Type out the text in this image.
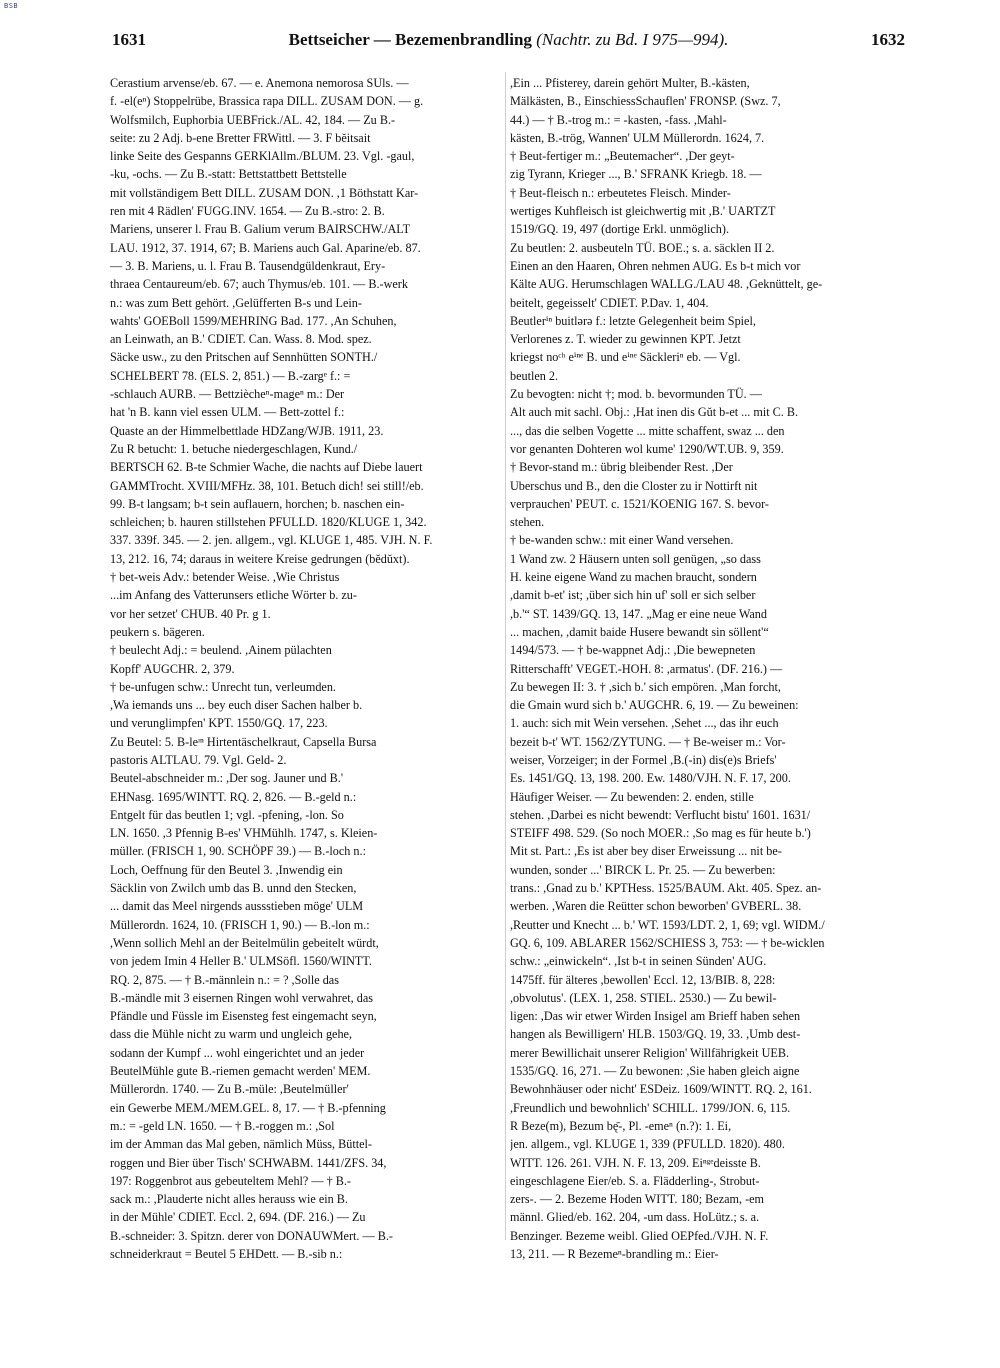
BSB
1631	Bettseicher — Bezemenbrandling (Nachtr. zu Bd. I 975—994).	1632
Cerastium arvense/eb. 67. — e. Anemona nemorosa SUls. —
f. -el(eⁿ) Stoppelrübe, Brassica rapa DILL. ZUSAM DON. — g.
Wolfsmilch, Euphorbia UEBFrick./AL. 42, 184. — Zu B.-
seite: zu 2 Adj. b-ene Bretter FRWittl. — 3. F bĕitsait
linke Seite des Gespanns GERKlAllm./BLUM. 23. Vgl. -gaul,
-ku, -ochs. — Zu B.-statt: Bettstattbett Bettstelle
mit vollständigem Bett DILL. ZUSAM DON. ,1 Böthstatt Kar-
ren mit 4 Rädlen' FUGG.INV. 1654. — Zu B.-stro: 2. B.
Mariens, unserer l. Frau B. Galium verum BAIRSCHW./ALT
LAU. 1912, 37. 1914, 67; B. Mariens auch Gal. Aparine/eb. 87.
— 3. B. Mariens, u. l. Frau B. Tausendgüldenkraut, Ery-
thraea Centaureum/eb. 67; auch Thymus/eb. 101. — B.-werk
n.: was zum Bett gehört. ,Gelüfferten B-s und Lein-
wahts' GOEBoll 1599/MEHRING Bad. 177. ,An Schuhen,
an Leinwath, an B.' CDIET. Can. Wass. 8. Mod. spez.
Säcke usw., zu den Pritschen auf Sennhütten SONTH./
SCHELBERT 78. (ELS. 2, 851.) — B.-zargᵉ f.: =
-schlauch AURB. — Bettziècheⁿ-mageⁿ m.: Der
hat 'n B. kann viel essen ULM. — Bett-zottel f.:
Quaste an der Himmelbettlade HDZang/WJB. 1911, 23.
Zu R betucht: 1. betuche niedergeschlagen, Kund./
BERTSCH 62. B-te Schmier Wache, die nachts auf Diebe lauert
GAMMTrocht. XVIII/MFHz. 38, 101. Betuch dich! sei still!/eb.
99. B-t langsam; b-t sein auflauern, horchen; b. naschen ein-
schleichen; b. hauren stillstehen PFULLD. 1820/KLUGE 1, 342.
337. 339f. 345. — 2. jen. allgem., vgl. KLUGE 1, 485. VJH. N. F.
13, 212. 16, 74; daraus in weitere Kreise gedrungen (bĕdŭxt).
† bet-weis Adv.: betender Weise. ,Wie Christus
...im Anfang des Vatterunsers etliche Wörter b. zu-
vor her setzet' CHUB. 40 Pr. g 1.
peukern s. bägeren.
† beulecht Adj.: = beulend. ,Ainem pülachten
Kopff' AUGCHR. 2, 379.
† be-unfugen schw.: Unrecht tun, verleumden.
,Wa iemands uns ... bey euch diser Sachen halber b.
und verunglimpfen' KPT. 1550/GQ. 17, 223.
Zu Beutel: 5. B-leᶦⁿ Hirtentäschelkraut, Capsella Bursa
pastoris ALTLAU. 79. Vgl. Geld- 2.
Beutel-abschneider m.: ,Der sog. Jauner und B.'
EHNasg. 1695/WINTT. RQ. 2, 826. — B.-geld n.:
Entgelt für das beutlen 1; vgl. -pfening, -lon. So
LN. 1650. ,3 Pfennig B-es' VHMühlh. 1747, s. Kleien-
müller. (FRISCH 1, 90. SCHÖPF 39.) — B.-loch n.:
Loch, Oeffnung für den Beutel 3. ,Inwendig ein
Säcklin von Zwilch umb das B. unnd den Stecken,
... damit das Meel nirgends aussstieben möge' ULM
Müllerordn. 1624, 10. (FRISCH 1, 90.) — B.-lon m.:
,Wenn sollich Mehl an der Beitelmülin gebeitelt würdt,
von jedem Imin 4 Heller B.' ULMSöfl. 1560/WINTT.
RQ. 2, 875. — † B.-männlein n.: = ? ,Solle das
B.-mändle mit 3 eisernen Ringen wohl verwahret, das
Pfändle und Füssle im Eisensteg fest eingemacht seyn,
dass die Mühle nicht zu warm und ungleich gehe,
sodann der Kumpf ... wohl eingerichtet und an jeder
BeutelMühle gute B.-riemen gemacht werden' MEM.
Müllerordn. 1740. — Zu B.-müle: ,Beutelmüller'
ein Gewerbe MEM./MEM.GEL. 8, 17. — † B.-pfenning
m.: = -geld LN. 1650. — † B.-roggen m.: ,Sol
im der Amman das Mal geben, nämlich Müss, Büttel-
roggen und Bier über Tisch' SCHWABM. 1441/ZFS. 34,
197: Roggenbrot aus gebeuteltem Mehl? — † B.-
sack m.: ,Plauderte nicht alles herauss wie ein B.
in der Mühle' CDIET. Eccl. 2, 694. (DF. 216.) — Zu
B.-schneider: 3. Spitzn. derer von DONAUWMert. — B.-
schneiderkraut = Beutel 5 EHDett. — B.-sib n.:
,Ein ... Pfisterey, darein gehört Multer, B.-kästen,
Mälkästen, B., EinschiessSchauflen' FRONSP. (Swz. 7,
44.) — † B.-trog m.: = -kasten, -fass. ,Mahl-
kästen, B.-trög, Wannen' ULM Müllerordn. 1624, 7.
† Beut-fertiger m.: „Beutemacher“. ,Der geyt-
zig Tyrann, Krieger ..., B.' SFRANK Kriegb. 18. —
† Beut-fleisch n.: erbeutetes Fleisch. Minder-
wertiges Kuhfleisch ist gleichwertig mit ,B.' UARTZT
1519/GQ. 19, 497 (dortige Erkl. unmöglich).
Zu beutlen: 2. ausbeuteln TÜ. BOE.; s. a. säcklen II 2.
Einen an den Haaren, Ohren nehmen AUG. Es b-t mich vor
Kälte AUG. Herumschlagen WALLG./LAU 48. ,Geknüttelt, ge-
beitelt, gegeisselt' CDIET. P.Dav. 1, 404.
Beutlerⁱⁿ buitlərə f.: letzte Gelegenheit beim Spiel,
Verlorenes z. T. wieder zu gewinnen KPT. Jetzt
kriegst noᶜʰ eⁱⁿᵉ B. und eⁱⁿᵉ Säckleriⁿ eb. — Vgl.
beutlen 2.
Zu bevogten: nicht †; mod. b. bevormunden TÜ. —
Alt auch mit sachl. Obj.: ,Hat inen dis Gŭt b-et ... mit C. B.
..., das die selben Vogette ... mitte schaffent, swaz ... den
vor genanten Dohteren wol kume' 1290/WT.UB. 9, 359.
† Bevor-stand m.: übrig bleibender Rest. ,Der
Uberschus und B., den die Closter zu ir Nottirft nit
verprauchen' PEUT. c. 1521/KOENIG 167. S. bevor-
stehen.
† be-wanden schw.: mit einer Wand versehen.
1 Wand zw. 2 Häusern unten soll genügen, „so dass
H. keine eigene Wand zu machen braucht, sondern
,damit b-et' ist; ,über sich hin uf' soll er sich selber
,b.'“ ST. 1439/GQ. 13, 147. „Mag er eine neue Wand
... machen, ,damit baide Husere bewandt sin söllent'“
1494/573. — † be-wappnet Adj.: ,Die bewepneten
Ritterschafft' VEGET.-HOH. 8: ,armatus'. (DF. 216.) —
Zu bewegen II: 3. † ,sich b.' sich empören. ,Man forcht,
die Gmain wurd sich b.' AUGCHR. 6, 19. — Zu beweinen:
1. auch: sich mit Wein versehen. ,Sehet ..., das ihr euch
bezeit b-t' WT. 1562/ZYTUNG. — † Be-weiser m.: Vor-
weiser, Vorzeiger; in der Formel ,B.(-in) dis(e)s Briefs'
Es. 1451/GQ. 13, 198. 200. Ew. 1480/VJH. N. F. 17, 200.
Häufiger Weiser. — Zu bewenden: 2. enden, stille
stehen. ,Darbei es nicht bewendt: Verflucht bistu' 1601. 1631/
STEIFF 498. 529. (So noch MOER.: ,So mag es für heute b.')
Mit st. Part.: ,Es ist aber bey diser Erweissung ... nit be-
wunden, sonder ...' BIRCK L. Pr. 25. — Zu bewerben:
trans.: ,Gnad zu b.' KPTHess. 1525/BAUM. Akt. 405. Spez. an-
werben. ,Waren die Reütter schon beworben' GVBERL. 38.
,Reutter und Knecht ... b.' WT. 1593/LDT. 2, 1, 69; vgl. WIDM./
GQ. 6, 109. ABLARER 1562/SCHIESS 3, 753: — † be-wicklen
schw.: „einwickeln“. ,Ist b-t in seinen Sünden' AUG.
1475ff. für älteres ,bewollen' Eccl. 12, 13/BIB. 8, 228:
,obvolutus'. (LEX. 1, 258. STIEL. 2530.) — Zu bewil-
ligen: ,Das wir etwer Wirden Insigel am Brieff haben sehen
hangen als Bewilligern' HLB. 1503/GQ. 19, 33. ,Umb dest-
merer Bewillichait unserer Religion' Willfährigkeit UEB.
1535/GQ. 16, 271. — Zu bewonen: ,Sie haben gleich aigne
Bewohnhäuser oder nicht' ESDeiz. 1609/WINTT. RQ. 2, 161.
,Freundlich und bewohnlich' SCHILL. 1799/JON. 6, 115.
R Beze(m), Bezum bę̄-, Pl. -emeⁿ (n.?): 1. Ei,
jen. allgem., vgl. KLUGE 1, 339 (PFULLD. 1820). 480.
WITT. 126. 261. VJH. N. F. 13, 209. Eiⁿᵍᵉdeisste B.
eingeschlagene Eier/eb. S. a. Flädderling-, Strobut-
zers-. — 2. Bezeme Hoden WITT. 180; Bezam, -em
männl. Glied/eb. 162. 204, -um dass. HoLütz.; s. a.
Benzinger. Bezeme weibl. Glied OEPfed./VJH. N. F.
13, 211. — R Bezemeⁿ-brandling m.: Eier-
